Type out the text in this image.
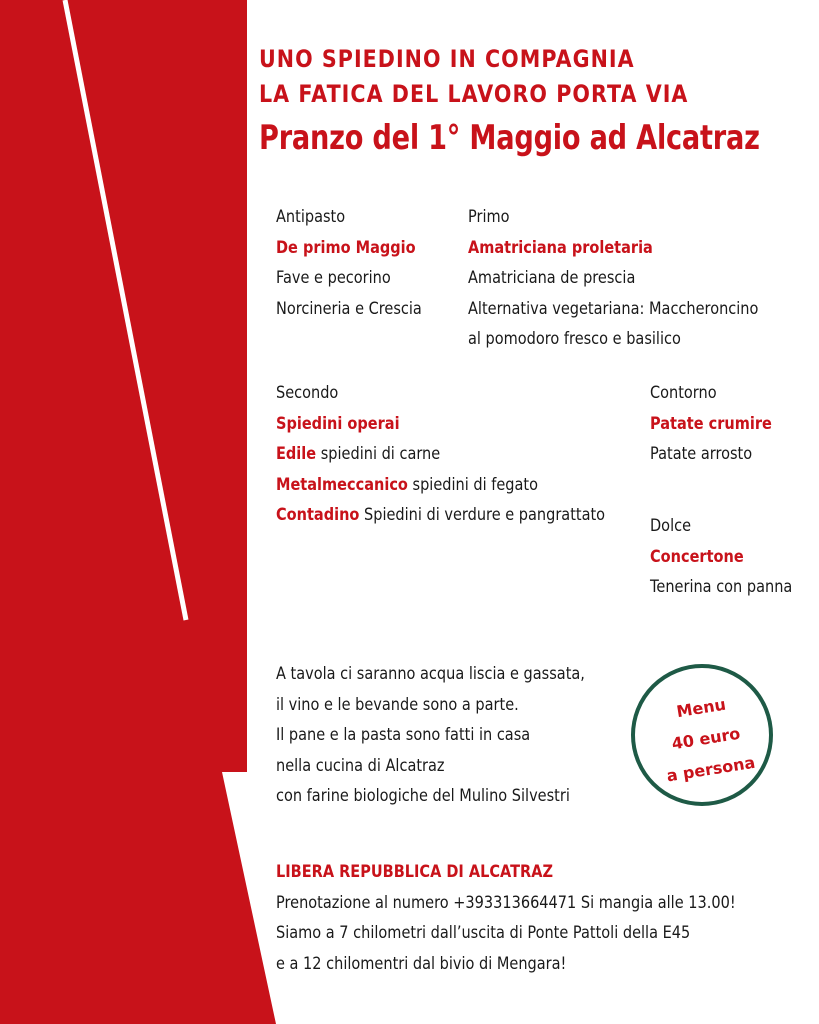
UNO SPIEDINO IN COMPAGNIA
LA FATICA DEL LAVORO PORTA VIA
Pranzo del 1° Maggio ad Alcatraz
Antipasto
De primo Maggio
Fave e pecorino
Norcineria e Crescia
Primo
Amatriciana proletaria
Amatriciana de prescia
Alternativa vegetariana: Maccheroncino
al pomodoro fresco e basilico
Secondo
Spiedini operai
Edile spiedini di carne
Metalmeccanico spiedini di fegato
Contadino Spiedini di verdure e pangrattato
Contorno
Patate crumire
Patate arrosto
Dolce
Concertone
Tenerina con panna
A tavola ci saranno acqua liscia e gassata,
il vino e le bevande sono a parte.
Il pane e la pasta sono fatti in casa
nella cucina di Alcatraz
con farine biologiche del Mulino Silvestri
Menu
40 euro
a persona
LIBERA REPUBBLICA DI ALCATRAZ
Prenotazione al numero +393313664471 Si mangia alle 13.00!
Siamo a 7 chilometri dall’uscita di Ponte Pattoli della E45
e a 12 chilomentri dal bivio di Mengara!
